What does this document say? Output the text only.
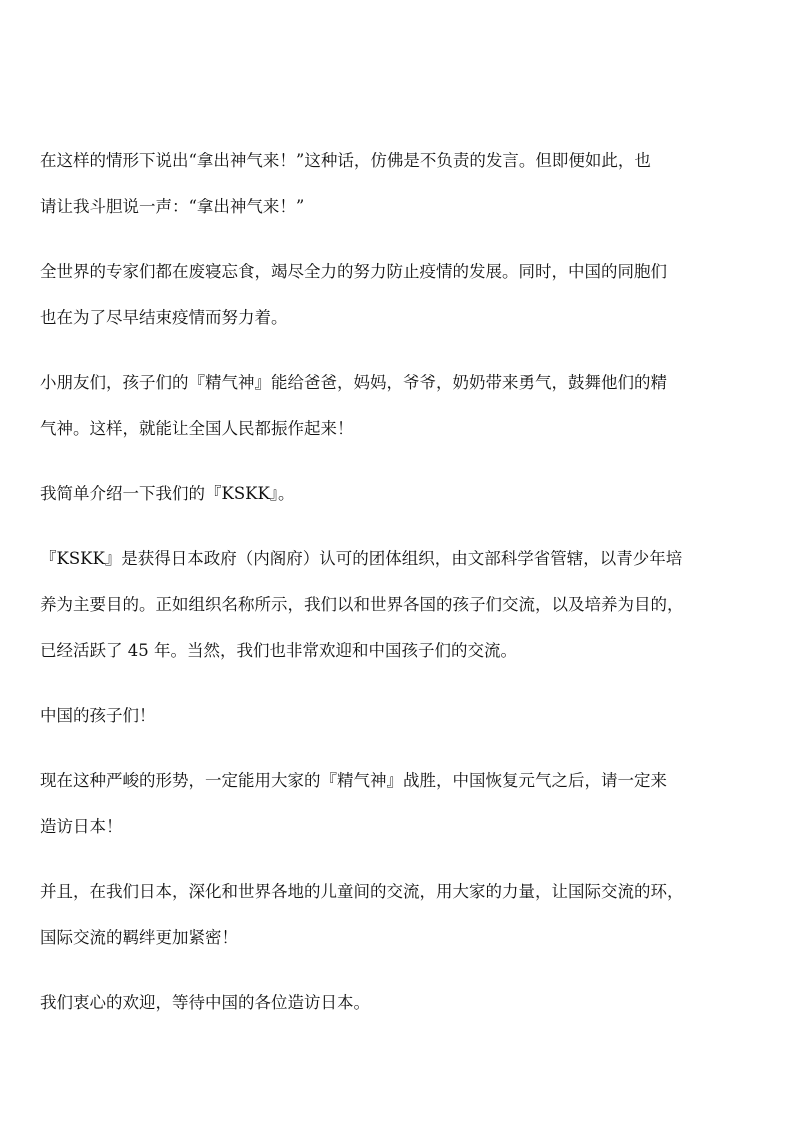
在这样的情形下说出“拿出神气来！”这种话，仿佛是不负责的发言。但即便如此，也
请让我斗胆说一声：“拿出神气来！”

全世界的专家们都在废寝忘食，竭尽全力的努力防止疫情的发展。同时，中国的同胞们
也在为了尽早结束疫情而努力着。

小朋友们，孩子们的『精气神』能给爸爸，妈妈，爷爷，奶奶带来勇气，鼓舞他们的精
气神。这样，就能让全国人民都振作起来！

我简单介绍一下我们的『KSKK』。

『KSKK』是获得日本政府（内阁府）认可的团体组织，由文部科学省管辖，以青少年培
养为主要目的。正如组织名称所示，我们以和世界各国的孩子们交流，以及培养为目的，
已经活跃了 45 年。当然，我们也非常欢迎和中国孩子们的交流。

中国的孩子们！

现在这种严峻的形势，一定能用大家的『精气神』战胜，中国恢复元气之后，请一定来
造访日本！

并且，在我们日本，深化和世界各地的儿童间的交流，用大家的力量，让国际交流的环，
国际交流的羁绊更加紧密！

我们衷心的欢迎，等待中国的各位造访日本。
